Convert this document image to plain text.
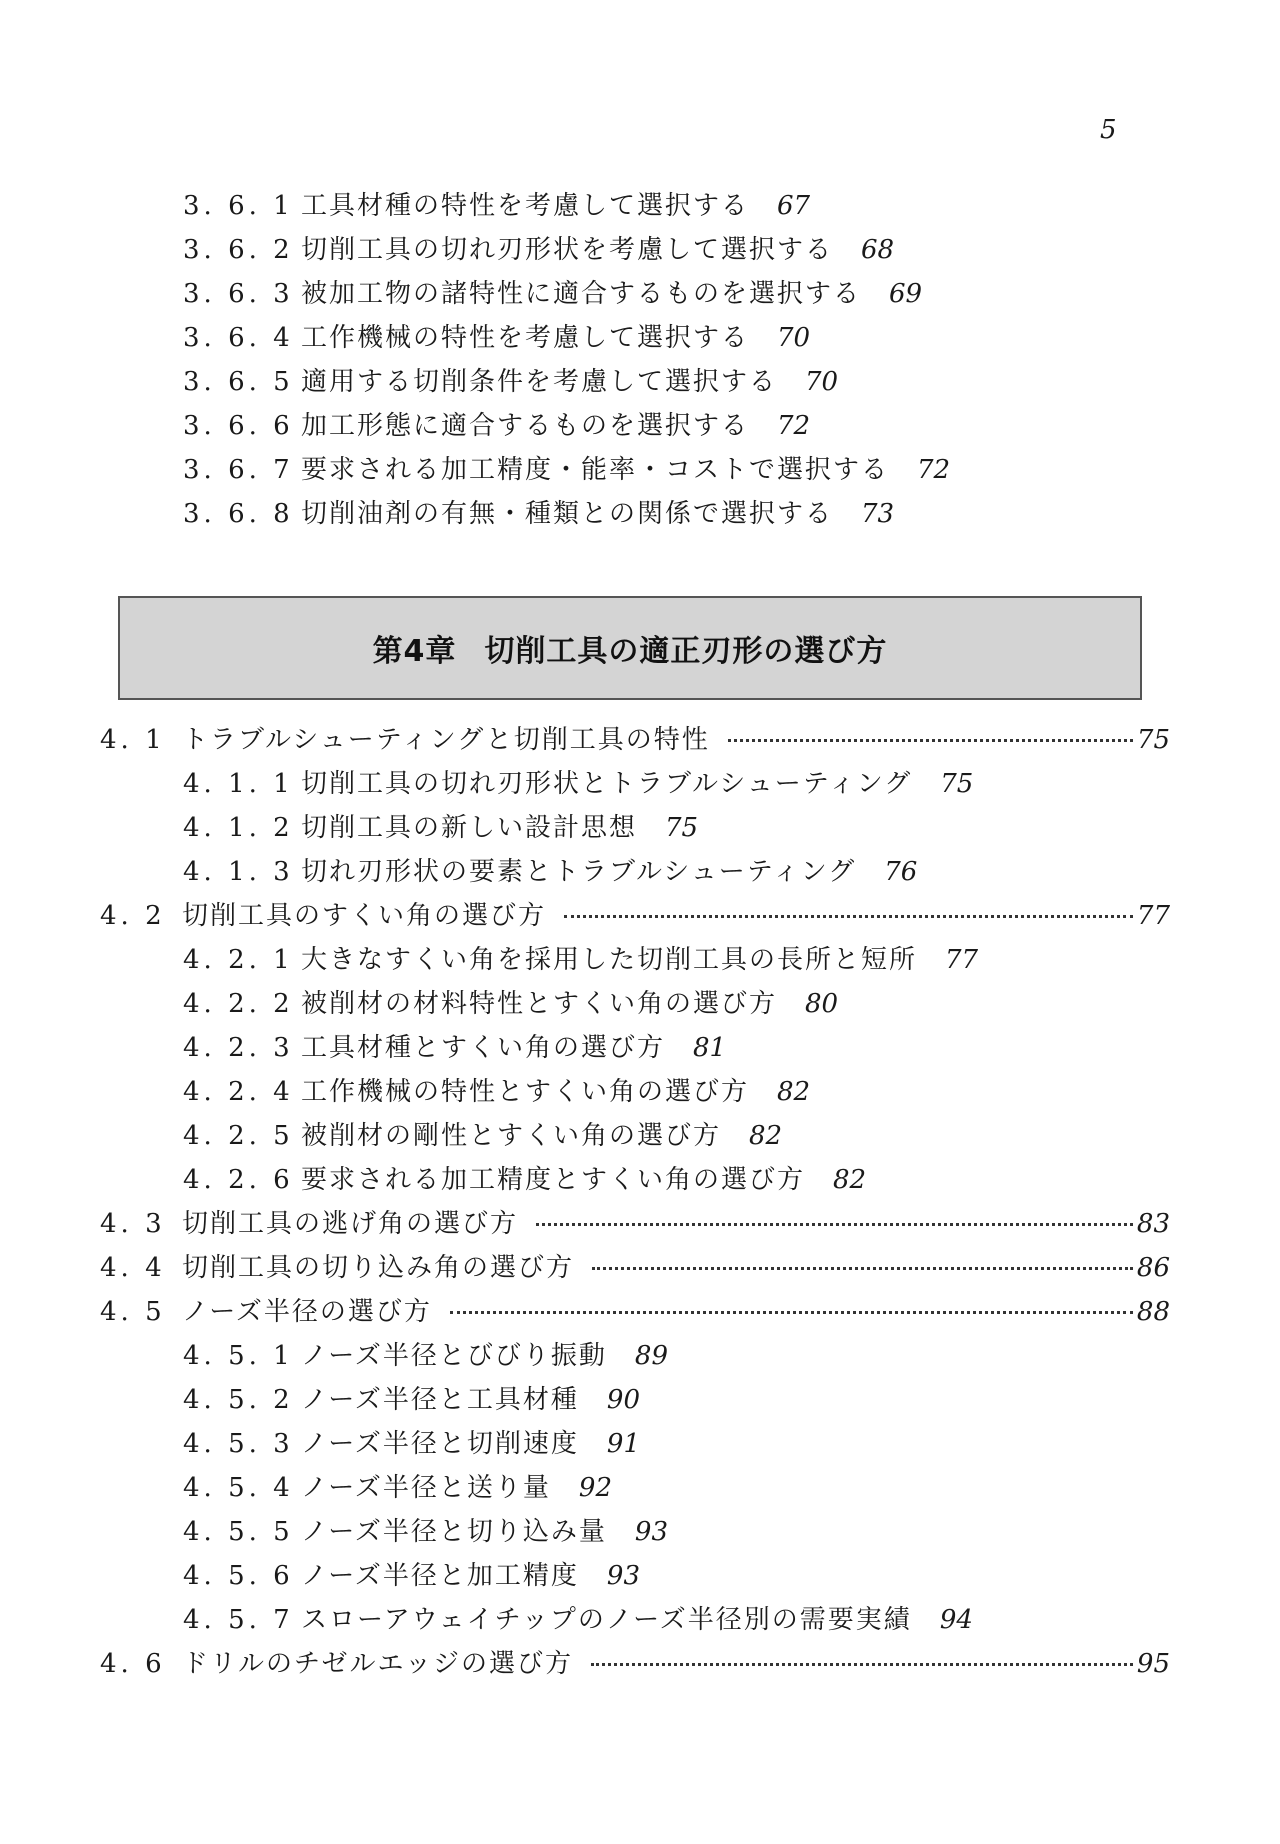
5
3. 6. 1 工具材種の特性を考慮して選択する 67
3. 6. 2 切削工具の切れ刃形状を考慮して選択する 68
3. 6. 3 被加工物の諸特性に適合するものを選択する 69
3. 6. 4 工作機械の特性を考慮して選択する 70
3. 6. 5 適用する切削条件を考慮して選択する 70
3. 6. 6 加工形態に適合するものを選択する 72
3. 6. 7 要求される加工精度・能率・コストで選択する 72
3. 6. 8 切削油剤の有無・種類との関係で選択する 73
第4章 切削工具の適正刃形の選び方
4. 1 トラブルシューティングと切削工具の特性	75
4. 1. 1 切削工具の切れ刃形状とトラブルシューティング 75
4. 1. 2 切削工具の新しい設計思想 75
4. 1. 3 切れ刃形状の要素とトラブルシューティング 76
4. 2 切削工具のすくい角の選び方	77
4. 2. 1 大きなすくい角を採用した切削工具の長所と短所 77
4. 2. 2 被削材の材料特性とすくい角の選び方 80
4. 2. 3 工具材種とすくい角の選び方 81
4. 2. 4 工作機械の特性とすくい角の選び方 82
4. 2. 5 被削材の剛性とすくい角の選び方 82
4. 2. 6 要求される加工精度とすくい角の選び方 82
4. 3 切削工具の逃げ角の選び方	83
4. 4 切削工具の切り込み角の選び方	86
4. 5 ノーズ半径の選び方	88
4. 5. 1 ノーズ半径とびびり振動 89
4. 5. 2 ノーズ半径と工具材種 90
4. 5. 3 ノーズ半径と切削速度 91
4. 5. 4 ノーズ半径と送り量 92
4. 5. 5 ノーズ半径と切り込み量 93
4. 5. 6 ノーズ半径と加工精度 93
4. 5. 7 スローアウェイチップのノーズ半径別の需要実績 94
4. 6 ドリルのチゼルエッジの選び方	95
